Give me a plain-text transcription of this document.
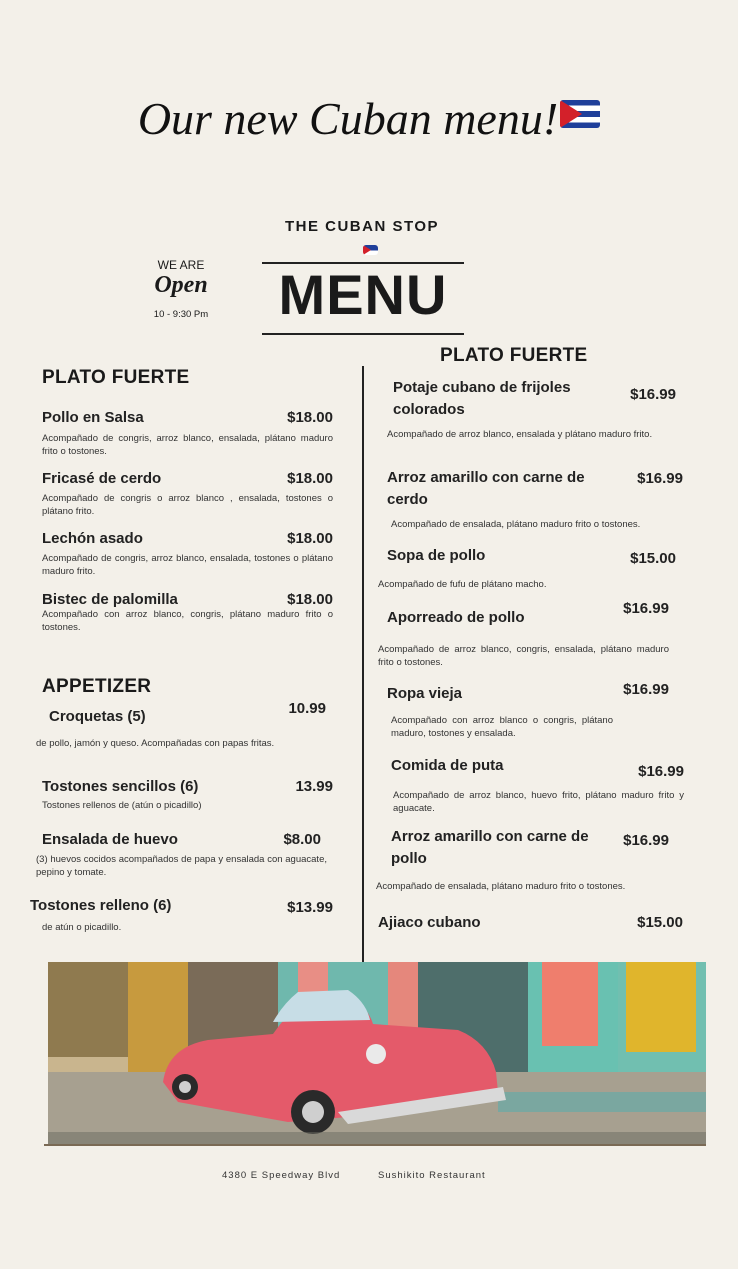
Our new Cuban menu!
THE CUBAN STOP
MENU
WE ARE
Open
10 - 9:30 Pm
PLATO FUERTE
Pollo en Salsa	$18.00
Acompañado de congris, arroz blanco, ensalada, plátano maduro frito o tostones.
Fricasé de cerdo	$18.00
Acompañado de congris o arroz blanco , ensalada, tostones o plátano frito.
Lechón asado	$18.00
Acompañado de congris, arroz blanco, ensalada, tostones o plátano maduro frito.
Bistec de palomilla	$18.00
Acompañado con arroz blanco, congris, plátano maduro frito o tostones.
APPETIZER
Croquetas (5)	10.99
de pollo, jamón y queso. Acompañadas con papas fritas.
Tostones sencillos (6)	13.99
Tostones rellenos de (atún o picadillo)
Ensalada de huevo	$8.00
(3) huevos cocidos acompañados de papa y ensalada con aguacate, pepino y tomate.
Tostones relleno (6)	$13.99
de atún o picadillo.
PLATO FUERTE
Potaje cubano de frijoles colorados
$16.99
Acompañado de arroz blanco, ensalada y plátano maduro frito.
Arroz amarillo con carne de cerdo
$16.99
Acompañado de ensalada, plátano maduro frito o tostones.
Sopa de pollo	$15.00
Acompañado de fufu de plátano macho.
Aporreado de pollo
$16.99
Acompañado de arroz blanco, congris, ensalada, plátano maduro frito o tostones.
Ropa vieja	$16.99
Acompañado con arroz blanco o congris, plátano maduro, tostones y ensalada.
Comida de puta	$16.99
Acompañado de arroz blanco, huevo frito, plátano maduro frito y aguacate.
Arroz amarillo con carne de pollo
$16.99
Acompañado de ensalada, plátano maduro frito o tostones.
Ajiaco cubano	$15.00
4380 E Speedway Blvd	Sushikito Restaurant
